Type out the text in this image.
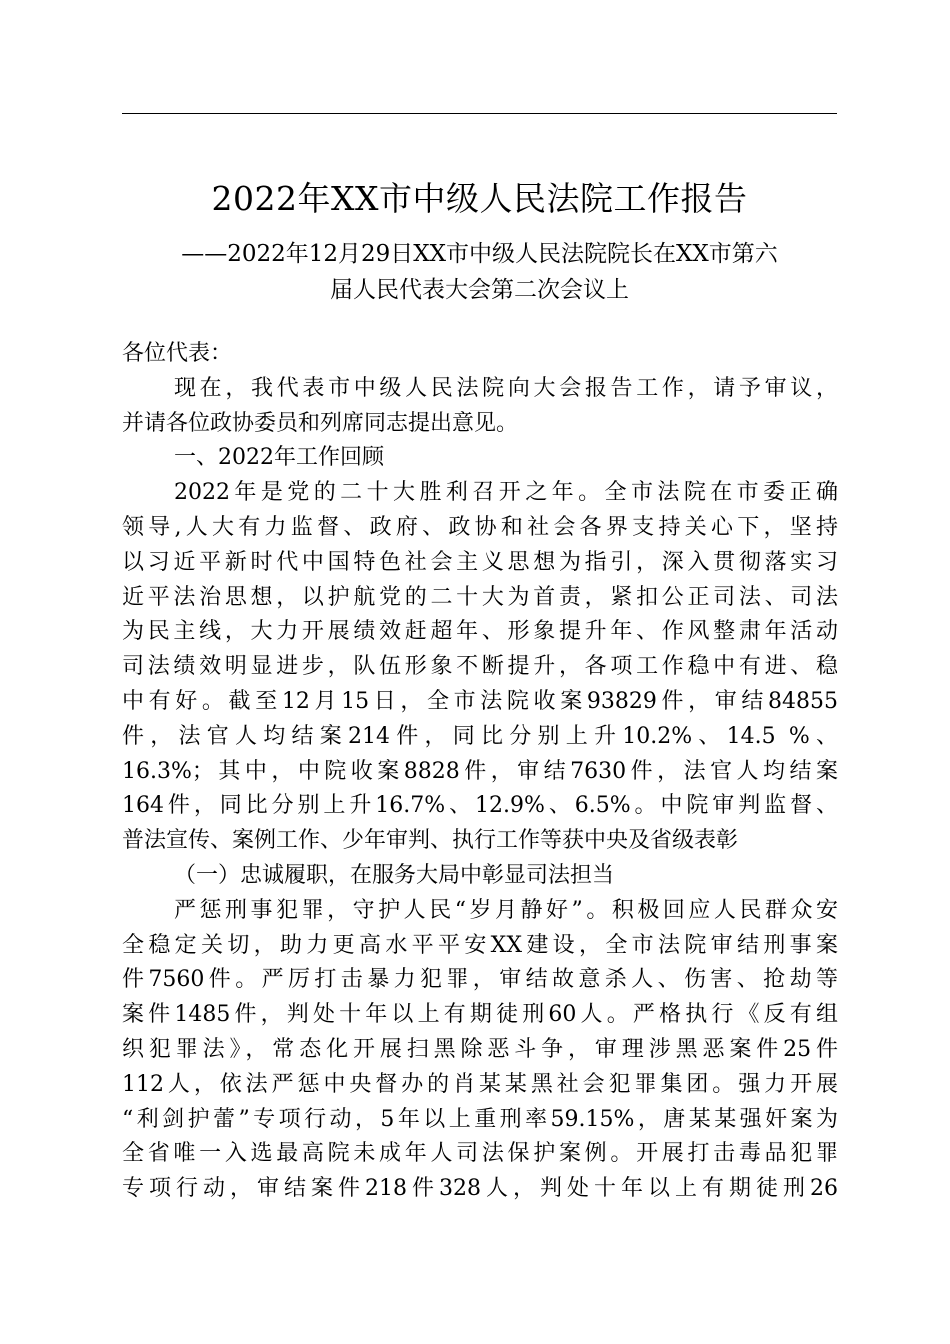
2022年XX市中级人民法院工作报告
——2022年12月29日XX市中级人民法院院长在XX市第六
届人民代表大会第二次会议上
各位代表：
现在，我代表市中级人民法院向大会报告工作，请予审议，
并请各位政协委员和列席同志提出意见。
一、2022年工作回顾
2022年是党的二十大胜利召开之年。全市法院在市委正确
领导,人大有力监督、政府、政协和社会各界支持关心下，坚持
以习近平新时代中国特色社会主义思想为指引，深入贯彻落实习
近平法治思想，以护航党的二十大为首责，紧扣公正司法、司法
为民主线，大力开展绩效赶超年、形象提升年、作风整肃年活动
司法绩效明显进步，队伍形象不断提升，各项工作稳中有进、稳
中有好。截至12月15日，全市法院收案93829件，审结84855
件，法官人均结案214件，同比分别上升10.2%、14.5 %、
16.3%；其中，中院收案8828件，审结7630件，法官人均结案
164件，同比分别上升16.7%、12.9%、6.5%。中院审判监督、
普法宣传、案例工作、少年审判、执行工作等获中央及省级表彰
（一）忠诚履职，在服务大局中彰显司法担当
严惩刑事犯罪，守护人民“岁月静好”。积极回应人民群众安
全稳定关切，助力更高水平平安XX建设，全市法院审结刑事案
件7560件。严厉打击暴力犯罪，审结故意杀人、伤害、抢劫等
案件1485件，判处十年以上有期徒刑60人。严格执行《反有组
织犯罪法》，常态化开展扫黑除恶斗争，审理涉黑恶案件25件
112人，依法严惩中央督办的肖某某黑社会犯罪集团。强力开展
“利剑护蕾”专项行动，5年以上重刑率59.15%，唐某某强奸案为
全省唯一入选最高院未成年人司法保护案例。开展打击毒品犯罪
专项行动，审结案件218件328人，判处十年以上有期徒刑26
